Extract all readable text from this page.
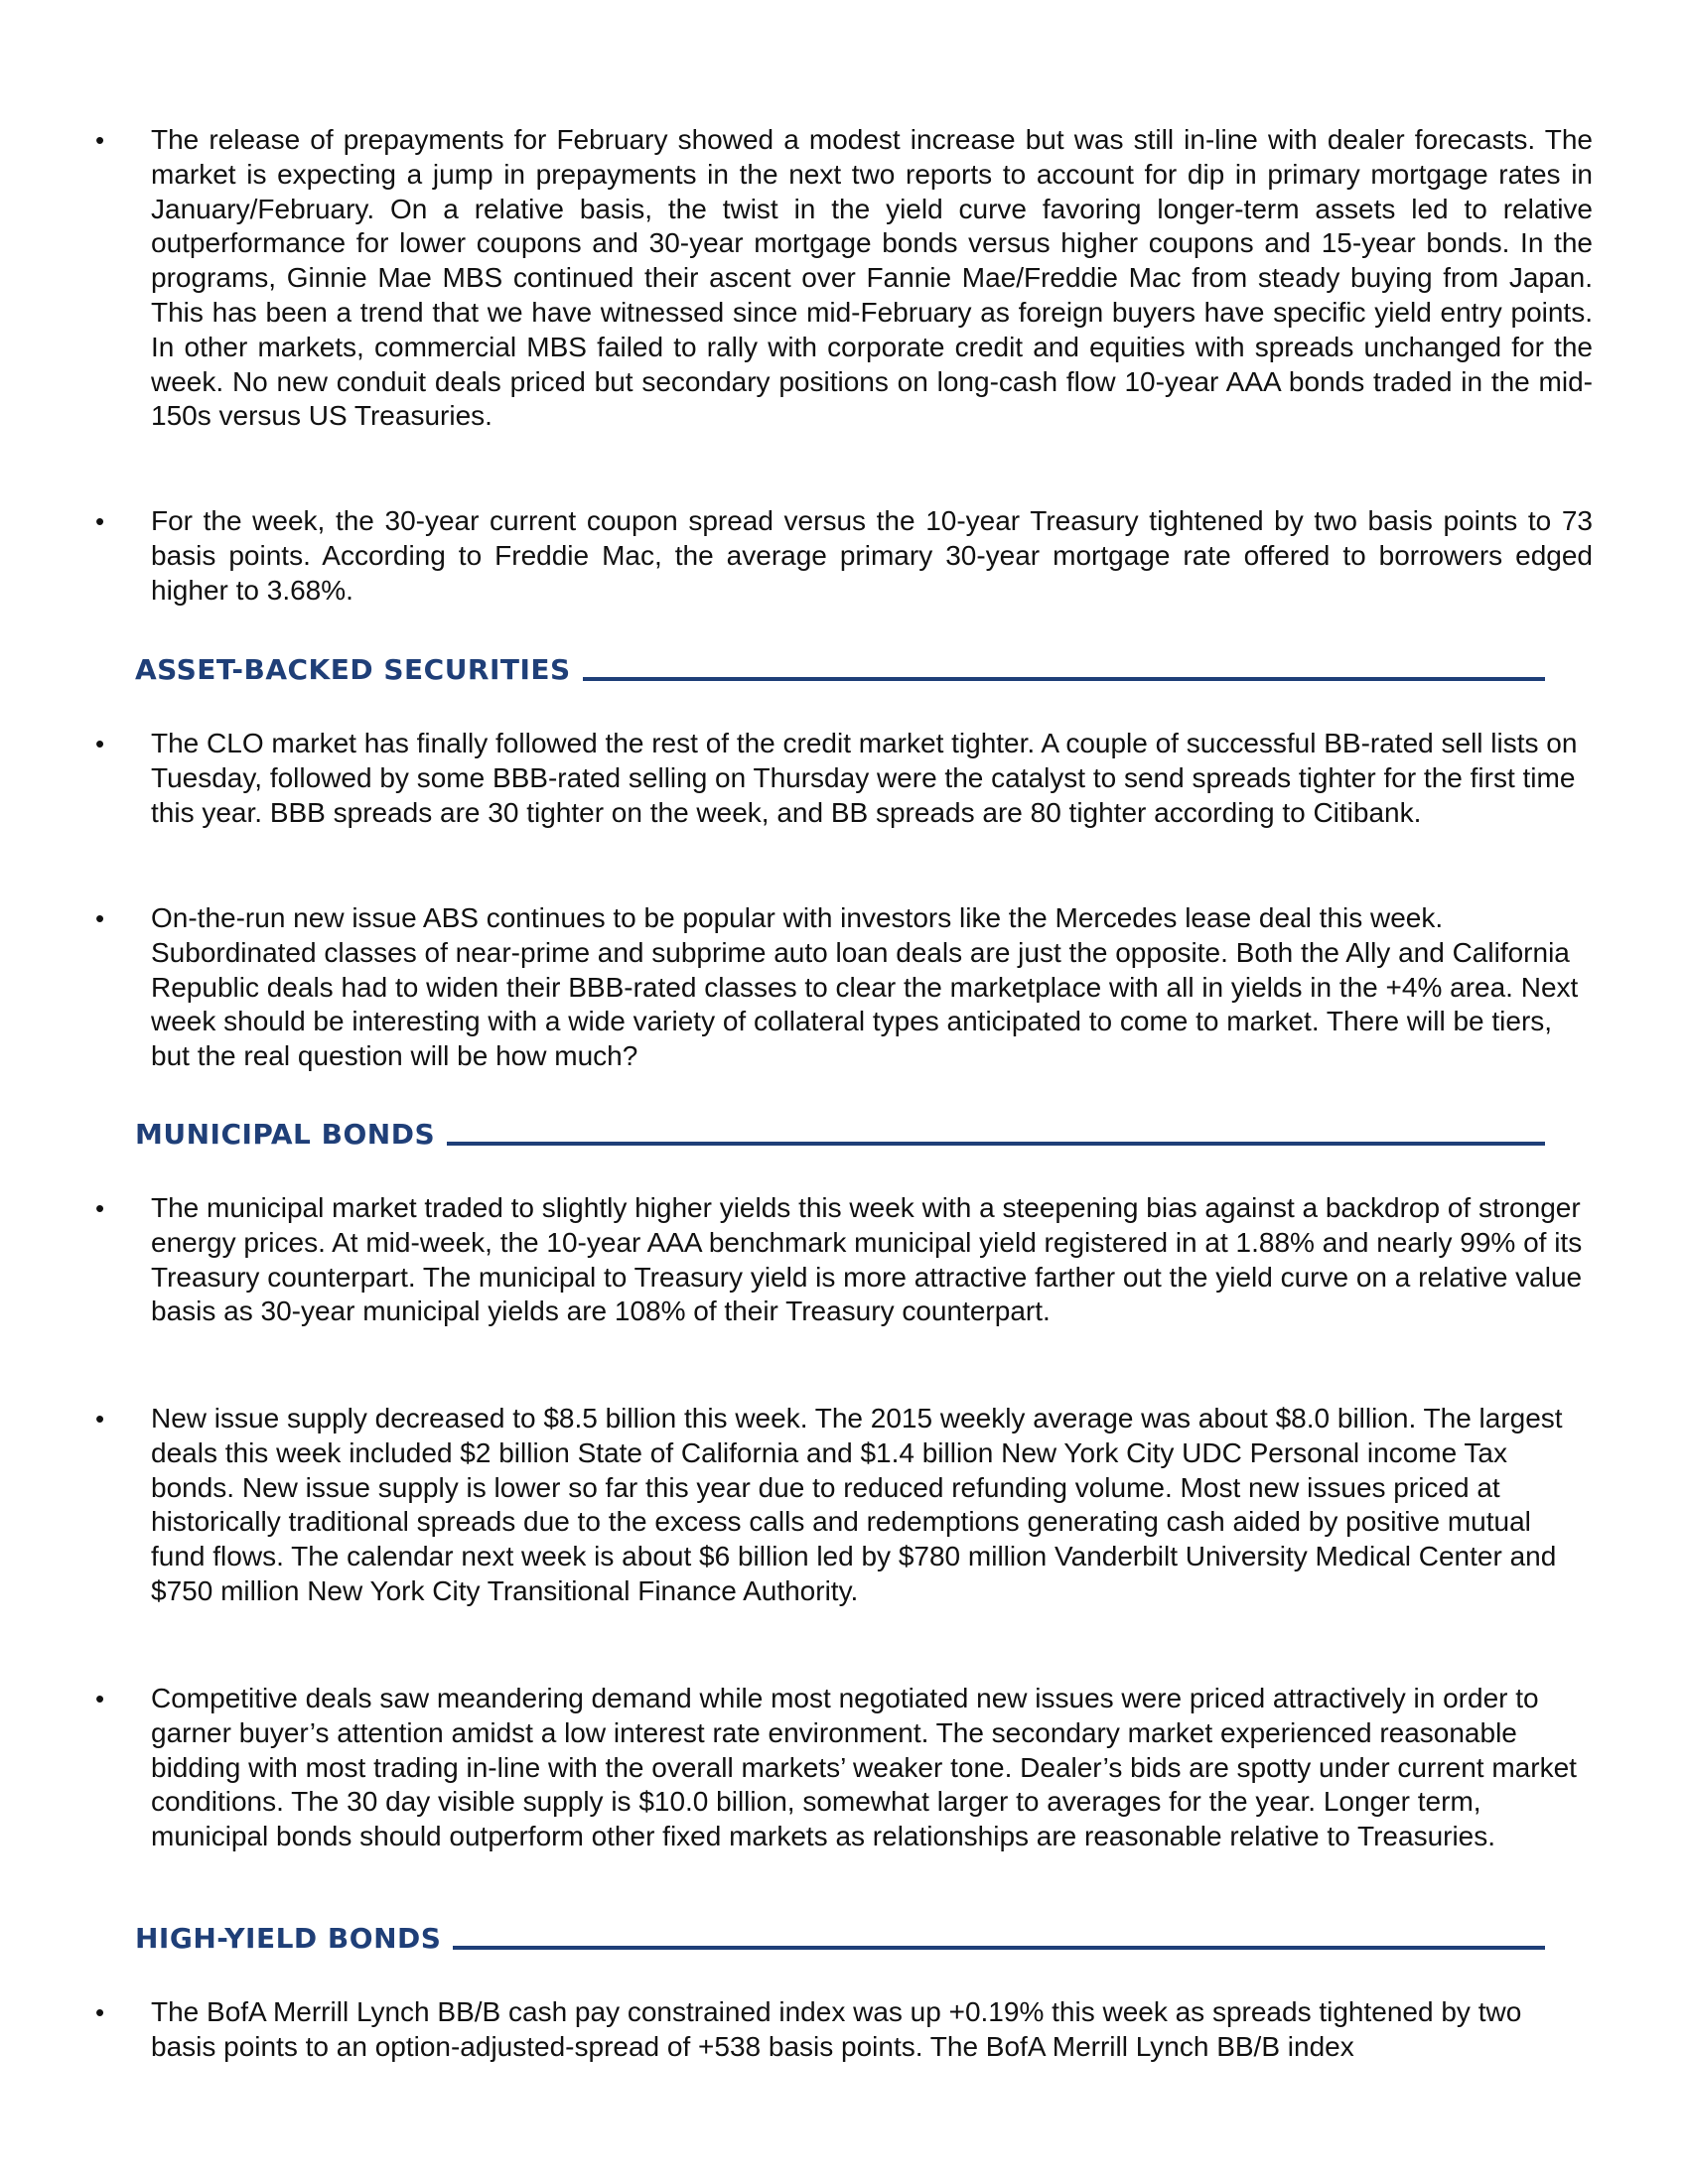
•	The release of prepayments for February showed a modest increase but was still in-line with dealer forecasts. The market is expecting a jump in prepayments in the next two reports to account for dip in primary mortgage rates in January/February. On a relative basis, the twist in the yield curve favoring longer-term assets led to relative outperformance for lower coupons and 30-year mortgage bonds versus higher coupons and 15-year bonds. In the programs, Ginnie Mae MBS continued their ascent over Fannie Mae/Freddie Mac from steady buying from Japan. This has been a trend that we have witnessed since mid-February as foreign buyers have specific yield entry points. In other markets, commercial MBS failed to rally with corporate credit and equities with spreads unchanged for the week. No new conduit deals priced but secondary positions on long-cash flow 10-year AAA bonds traded in the mid-150s versus US Treasuries.

•	For the week, the 30-year current coupon spread versus the 10-year Treasury tightened by two basis points to 73 basis points. According to Freddie Mac, the average primary 30-year mortgage rate offered to borrowers edged higher to 3.68%.

ASSET-BACKED SECURITIES
•	The CLO market has finally followed the rest of the credit market tighter. A couple of successful BB-rated sell lists on Tuesday, followed by some BBB-rated selling on Thursday were the catalyst to send spreads tighter for the first time this year. BBB spreads are 30 tighter on the week, and BB spreads are 80 tighter according to Citibank.

•	On-the-run new issue ABS continues to be popular with investors like the Mercedes lease deal this week. Subordinated classes of near-prime and subprime auto loan deals are just the opposite. Both the Ally and California Republic deals had to widen their BBB-rated classes to clear the marketplace with all in yields in the +4% area. Next week should be interesting with a wide variety of collateral types anticipated to come to market. There will be tiers, but the real question will be how much?

MUNICIPAL BONDS
•	The municipal market traded to slightly higher yields this week with a steepening bias against a backdrop of stronger energy prices. At mid-week, the 10-year AAA benchmark municipal yield registered in at 1.88% and nearly 99% of its Treasury counterpart. The municipal to Treasury yield is more attractive farther out the yield curve on a relative value basis as 30-year municipal yields are 108% of their Treasury counterpart.

•	New issue supply decreased to $8.5 billion this week. The 2015 weekly average was about $8.0 billion. The largest deals this week included $2 billion State of California and $1.4 billion New York City UDC Personal income Tax bonds. New issue supply is lower so far this year due to reduced refunding volume. Most new issues priced at historically traditional spreads due to the excess calls and redemptions generating cash aided by positive mutual fund flows. The calendar next week is about $6 billion led by $780 million Vanderbilt University Medical Center and $750 million New York City Transitional Finance Authority.

•	Competitive deals saw meandering demand while most negotiated new issues were priced attractively in order to garner buyer’s attention amidst a low interest rate environment. The secondary market experienced reasonable bidding with most trading in-line with the overall markets’ weaker tone. Dealer’s bids are spotty under current market conditions. The 30 day visible supply is $10.0 billion, somewhat larger to averages for the year. Longer term, municipal bonds should outperform other fixed markets as relationships are reasonable relative to Treasuries.

HIGH-YIELD BONDS
•	The BofA Merrill Lynch BB/B cash pay constrained index was up +0.19% this week as spreads tightened by two basis points to an option-adjusted-spread of +538 basis points. The BofA Merrill Lynch BB/B index
